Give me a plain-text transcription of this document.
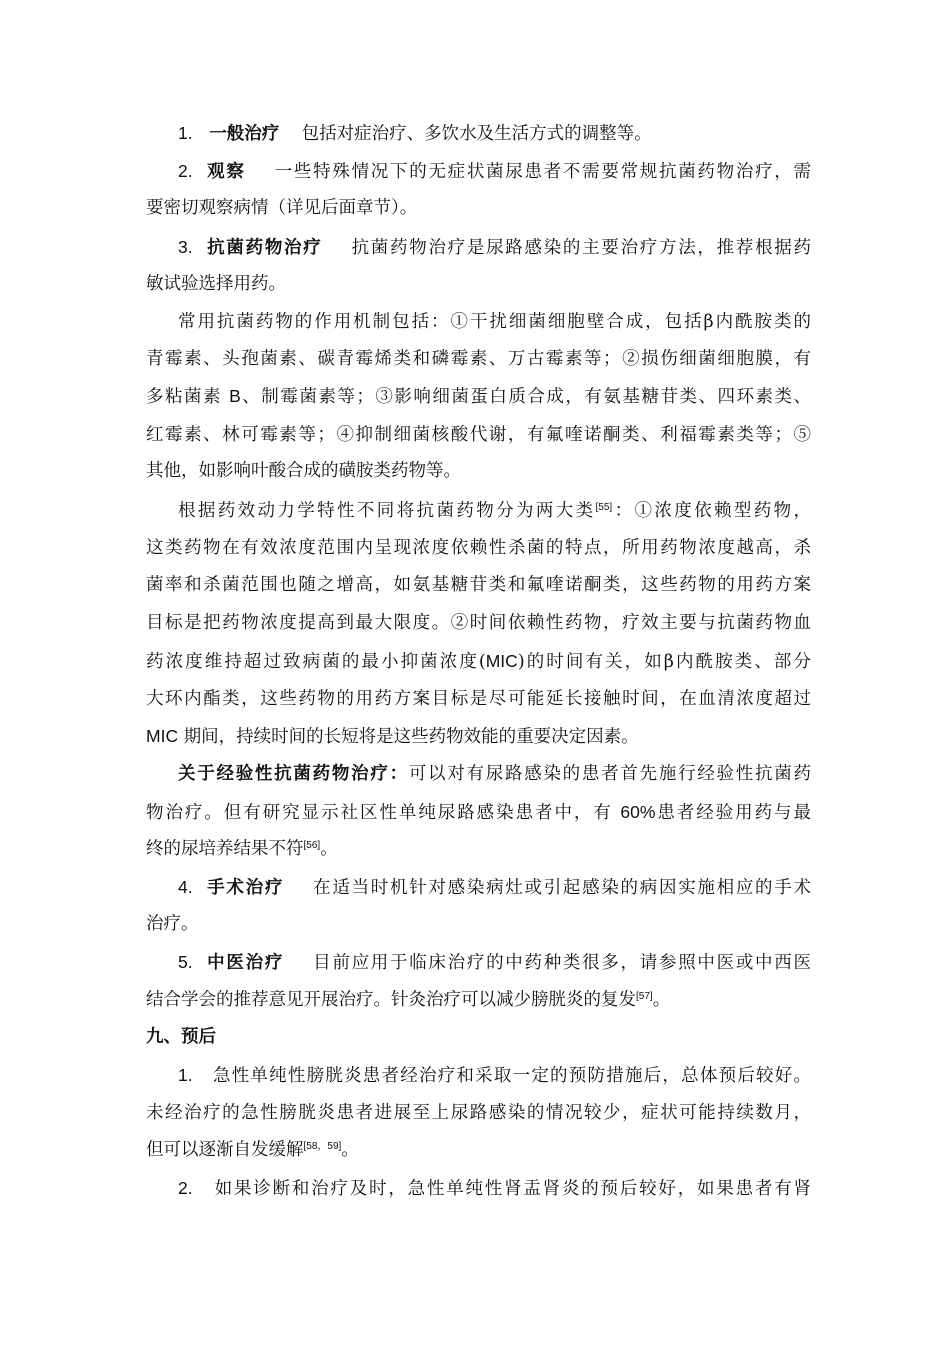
1. 一般治疗 包括对症治疗、多饮水及生活方式的调整等。
2. 观察 一些特殊情况下的无症状菌尿患者不需要常规抗菌药物治疗，需
要密切观察病情（详见后面章节）。
3. 抗菌药物治疗 抗菌药物治疗是尿路感染的主要治疗方法，推荐根据药
敏试验选择用药。
常用抗菌药物的作用机制包括：①干扰细菌细胞壁合成，包括β内酰胺类的
青霉素、头孢菌素、碳青霉烯类和磷霉素、万古霉素等；②损伤细菌细胞膜，有
多粘菌素 B、制霉菌素等；③影响细菌蛋白质合成，有氨基糖苷类、四环素类、
红霉素、林可霉素等；④抑制细菌核酸代谢，有氟喹诺酮类、利福霉素类等；⑤
其他，如影响叶酸合成的磺胺类药物等。
根据药效动力学特性不同将抗菌药物分为两大类[55]：①浓度依赖型药物，
这类药物在有效浓度范围内呈现浓度依赖性杀菌的特点，所用药物浓度越高，杀
菌率和杀菌范围也随之增高，如氨基糖苷类和氟喹诺酮类，这些药物的用药方案
目标是把药物浓度提高到最大限度。②时间依赖性药物，疗效主要与抗菌药物血
药浓度维持超过致病菌的最小抑菌浓度(MIC)的时间有关，如β内酰胺类、部分
大环内酯类，这些药物的用药方案目标是尽可能延长接触时间，在血清浓度超过
MIC 期间，持续时间的长短将是这些药物效能的重要决定因素。
关于经验性抗菌药物治疗：可以对有尿路感染的患者首先施行经验性抗菌药
物治疗。但有研究显示社区性单纯尿路感染患者中，有 60%患者经验用药与最
终的尿培养结果不符[56]。
4. 手术治疗 在适当时机针对感染病灶或引起感染的病因实施相应的手术
治疗。
5. 中医治疗 目前应用于临床治疗的中药种类很多，请参照中医或中西医
结合学会的推荐意见开展治疗。针灸治疗可以减少膀胱炎的复发[57]。
九、预后
1. 急性单纯性膀胱炎患者经治疗和采取一定的预防措施后，总体预后较好。
未经治疗的急性膀胱炎患者进展至上尿路感染的情况较少，症状可能持续数月，
但可以逐渐自发缓解[58，59]。
2. 如果诊断和治疗及时，急性单纯性肾盂肾炎的预后较好，如果患者有肾
